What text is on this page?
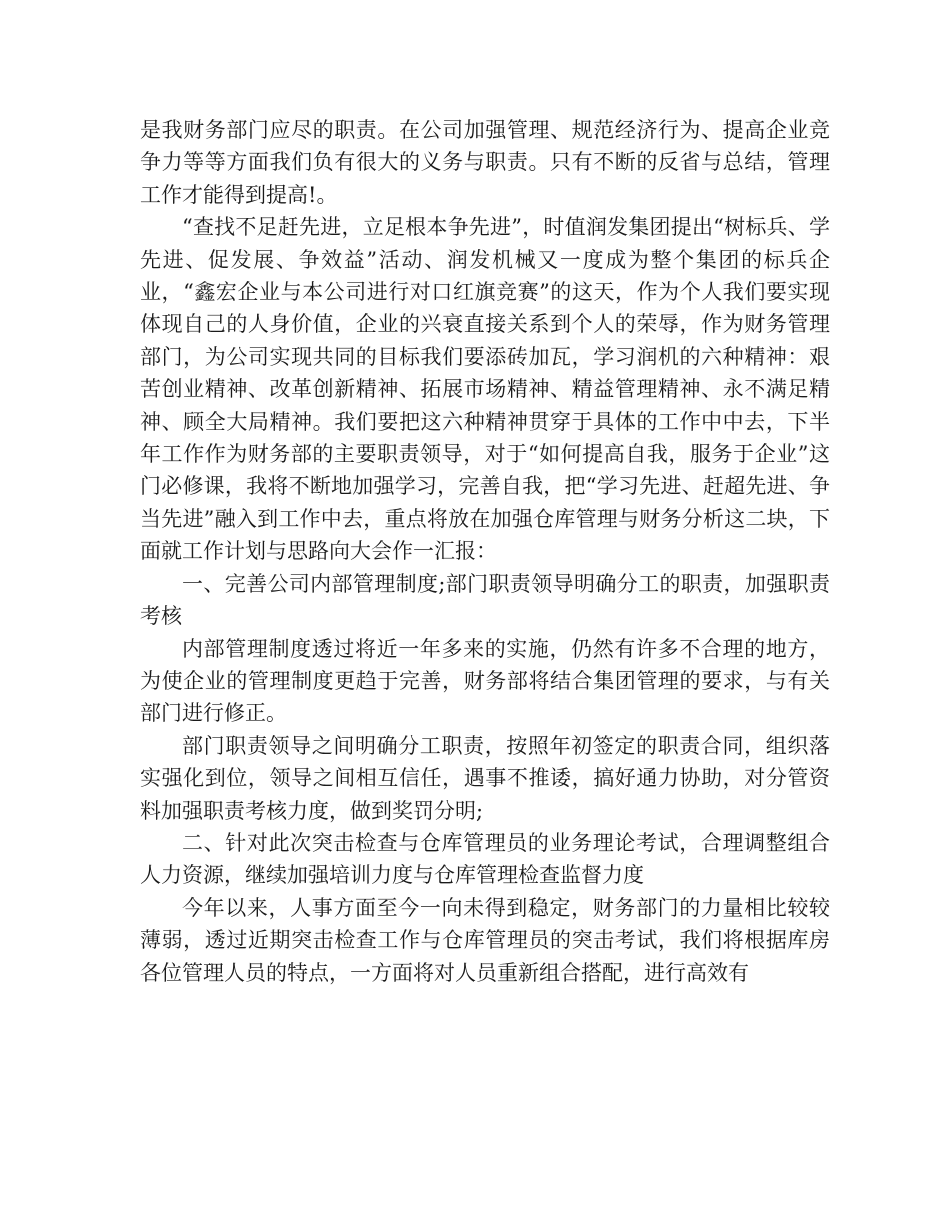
是我财务部门应尽的职责。在公司加强管理、规范经济行为、提高企业竞争力等等方面我们负有很大的义务与职责。只有不断的反省与总结，管理工作才能得到提高!。

“查找不足赶先进，立足根本争先进”，时值润发集团提出“树标兵、学先进、促发展、争效益”活动、润发机械又一度成为整个集团的标兵企业，“鑫宏企业与本公司进行对口红旗竞赛”的这天，作为个人我们要实现体现自己的人身价值，企业的兴衰直接关系到个人的荣辱，作为财务管理部门，为公司实现共同的目标我们要添砖加瓦，学习润机的六种精神：艰苦创业精神、改革创新精神、拓展市场精神、精益管理精神、永不满足精神、顾全大局精神。我们要把这六种精神贯穿于具体的工作中中去，下半年工作作为财务部的主要职责领导，对于“如何提高自我，服务于企业”这门必修课，我将不断地加强学习，完善自我，把“学习先进、赶超先进、争当先进”融入到工作中去，重点将放在加强仓库管理与财务分析这二块，下面就工作计划与思路向大会作一汇报：

一、完善公司内部管理制度;部门职责领导明确分工的职责，加强职责考核

内部管理制度透过将近一年多来的实施，仍然有许多不合理的地方，为使企业的管理制度更趋于完善，财务部将结合集团管理的要求，与有关部门进行修正。

部门职责领导之间明确分工职责，按照年初签定的职责合同，组织落实强化到位，领导之间相互信任，遇事不推诿，搞好通力协助，对分管资料加强职责考核力度，做到奖罚分明;

二、针对此次突击检查与仓库管理员的业务理论考试，合理调整组合人力资源，继续加强培训力度与仓库管理检查监督力度

今年以来，人事方面至今一向未得到稳定，财务部门的力量相比较较薄弱，透过近期突击检查工作与仓库管理员的突击考试，我们将根据库房各位管理人员的特点，一方面将对人员重新组合搭配，进行高效有
